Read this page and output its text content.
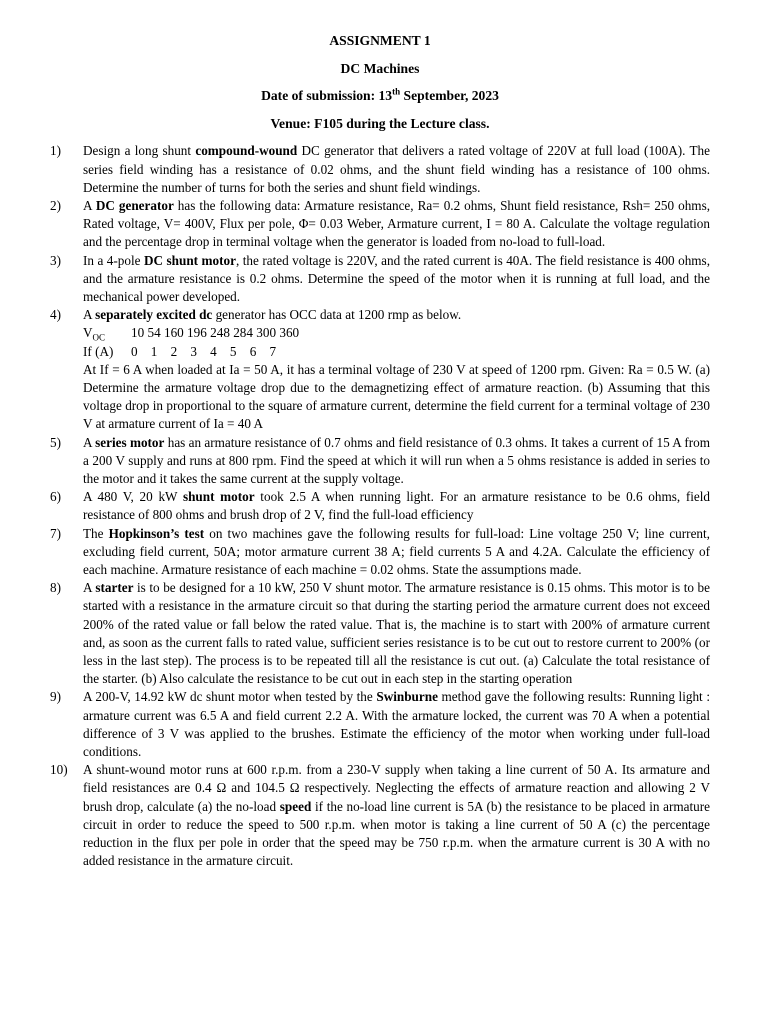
ASSIGNMENT 1
DC Machines
Date of submission: 13th September, 2023
Venue: F105 during the Lecture class.
1)	Design a long shunt compound-wound DC generator that delivers a rated voltage of 220V at full load (100A). The series field winding has a resistance of 0.02 ohms, and the shunt field winding has a resistance of 100 ohms. Determine the number of turns for both the series and shunt field windings.
2)	A DC generator has the following data: Armature resistance, Ra= 0.2 ohms, Shunt field resistance, Rsh= 250 ohms, Rated voltage, V= 400V, Flux per pole, Φ= 0.03 Weber, Armature current, I = 80 A. Calculate the voltage regulation and the percentage drop in terminal voltage when the generator is loaded from no-load to full-load.
3)	In a 4-pole DC shunt motor, the rated voltage is 220V, and the rated current is 40A. The field resistance is 400 ohms, and the armature resistance is 0.2 ohms. Determine the speed of the motor when it is running at full load, and the mechanical power developed.
4)	A separately excited dc generator has OCC data at 1200 rmp as below.
$V_{OC}$	10 54 160 196 248 284 300 360
If (A)	0    1    2    3    4    5    6    7
At If = 6 A when loaded at Ia = 50 A, it has a terminal voltage of 230 V at speed of 1200 rpm. Given: Ra = 0.5 W. (a) Determine the armature voltage drop due to the demagnetizing effect of armature reaction. (b) Assuming that this voltage drop in proportional to the square of armature current, determine the field current for a terminal voltage of 230 V at armature current of Ia = 40 A
5)	A series motor has an armature resistance of 0.7 ohms and field resistance of 0.3 ohms. It takes a current of 15 A from a 200 V supply and runs at 800 rpm. Find the speed at which it will run when a 5 ohms resistance is added in series to the motor and it takes the same current at the supply voltage.
6)	A 480 V, 20 kW shunt motor took 2.5 A when running light. For an armature resistance to be 0.6 ohms, field resistance of 800 ohms and brush drop of 2 V, find the full-load efficiency
7)	The Hopkinson’s test on two machines gave the following results for full-load: Line voltage 250 V; line current, excluding field current, 50A; motor armature current 38 A; field currents 5 A and 4.2A. Calculate the efficiency of each machine. Armature resistance of each machine = 0.02 ohms. State the assumptions made.
8)	A starter is to be designed for a 10 kW, 250 V shunt motor. The armature resistance is 0.15 ohms. This motor is to be started with a resistance in the armature circuit so that during the starting period the armature current does not exceed 200% of the rated value or fall below the rated value. That is, the machine is to start with 200% of armature current and, as soon as the current falls to rated value, sufficient series resistance is to be cut out to restore current to 200% (or less in the last step). The process is to be repeated till all the resistance is cut out. (a) Calculate the total resistance of the starter. (b) Also calculate the resistance to be cut out in each step in the starting operation
9)	A 200-V, 14.92 kW dc shunt motor when tested by the Swinburne method gave the following results: Running light : armature current was 6.5 A and field current 2.2 A. With the armature locked, the current was 70 A when a potential difference of 3 V was applied to the brushes. Estimate the efficiency of the motor when working under full-load conditions.
10)	A shunt-wound motor runs at 600 r.p.m. from a 230-V supply when taking a line current of 50 A. Its armature and field resistances are 0.4 Ω and 104.5 Ω respectively. Neglecting the effects of armature reaction and allowing 2 V brush drop, calculate (a) the no-load speed if the no-load line current is 5A (b) the resistance to be placed in armature circuit in order to reduce the speed to 500 r.p.m. when motor is taking a line current of 50 A (c) the percentage reduction in the flux per pole in order that the speed may be 750 r.p.m. when the armature current is 30 A with no added resistance in the armature circuit.
